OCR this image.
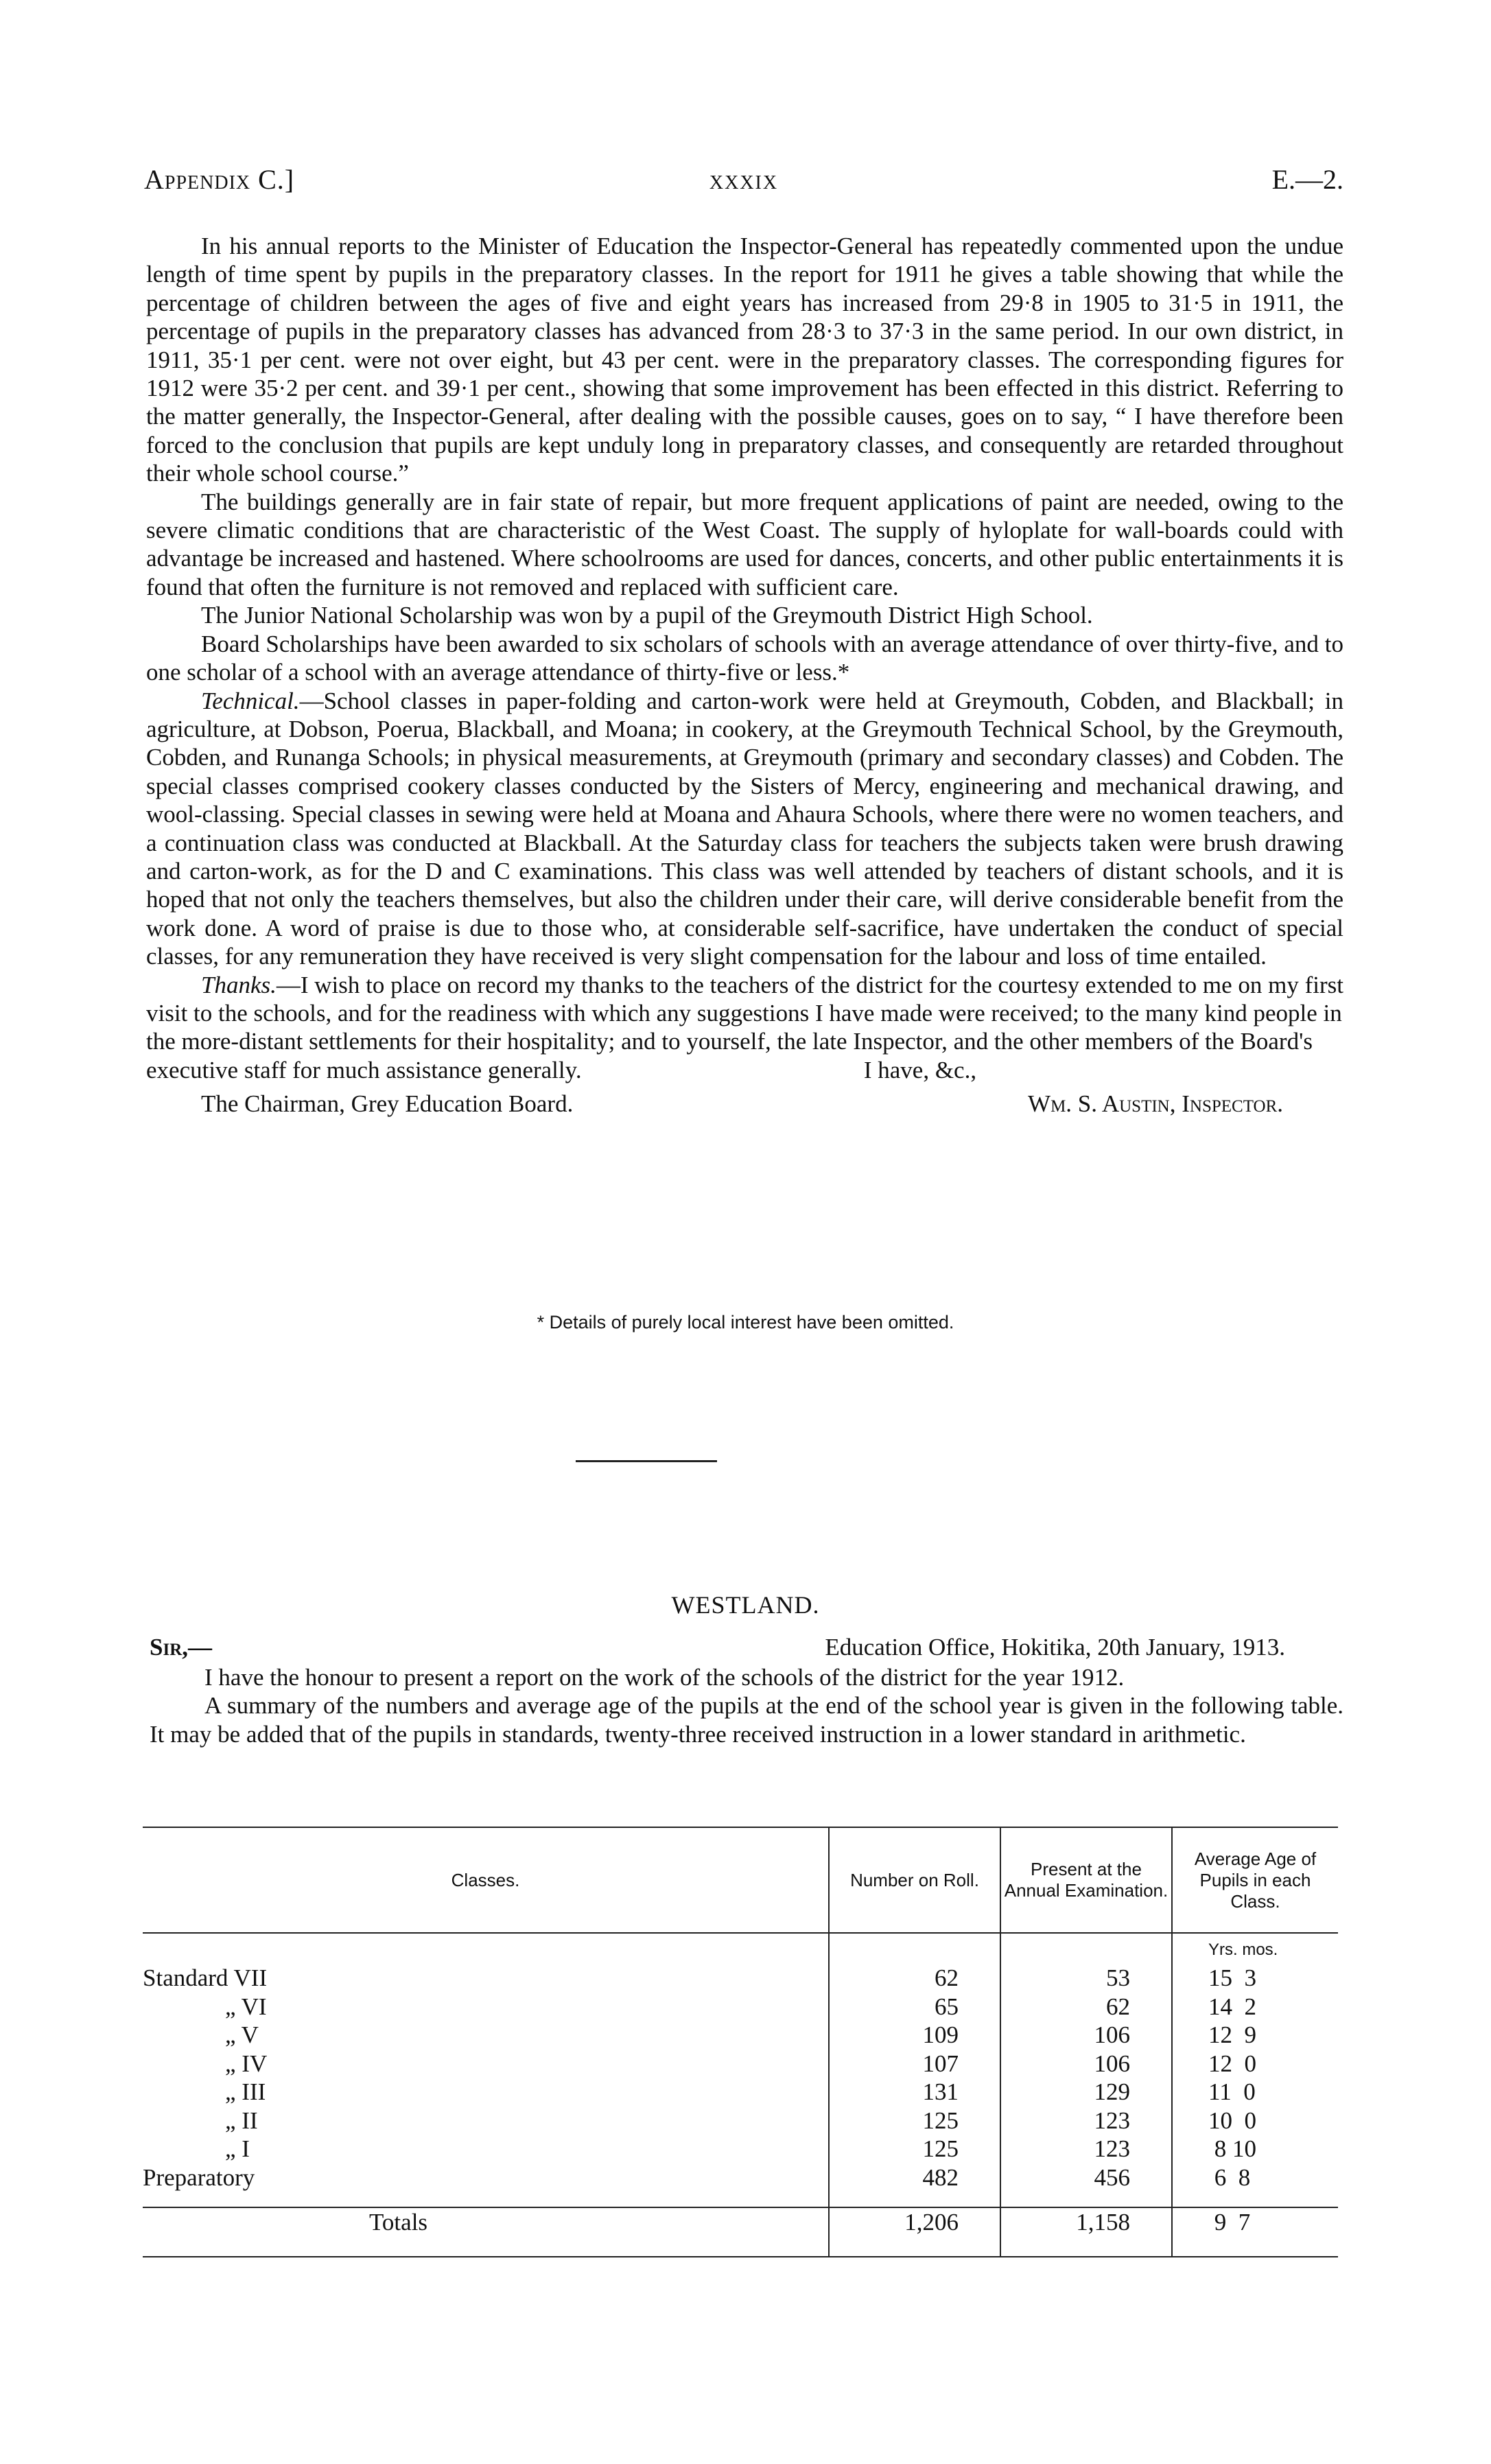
Appendix C.]	xxxix	E.—2.

In his annual reports to the Minister of Education the Inspector-General has repeatedly commented upon the undue length of time spent by pupils in the preparatory classes. In the report for 1911 he gives a table showing that while the percentage of children between the ages of five and eight years has increased from 29·8 in 1905 to 31·5 in 1911, the percentage of pupils in the preparatory classes has advanced from 28·3 to 37·3 in the same period. In our own district, in 1911, 35·1 per cent. were not over eight, but 43 per cent. were in the preparatory classes. The corresponding figures for 1912 were 35·2 per cent. and 39·1 per cent., showing that some improvement has been effected in this district. Referring to the matter generally, the Inspector-General, after dealing with the possible causes, goes on to say, “ I have therefore been forced to the conclusion that pupils are kept unduly long in preparatory classes, and consequently are retarded throughout their whole school course.”

The buildings generally are in fair state of repair, but more frequent applications of paint are needed, owing to the severe climatic conditions that are characteristic of the West Coast. The supply of hyloplate for wall-boards could with advantage be increased and hastened. Where schoolrooms are used for dances, concerts, and other public entertainments it is found that often the furniture is not removed and replaced with sufficient care.

The Junior National Scholarship was won by a pupil of the Greymouth District High School.

Board Scholarships have been awarded to six scholars of schools with an average attendance of over thirty-five, and to one scholar of a school with an average attendance of thirty-five or less.*

Technical.—School classes in paper-folding and carton-work were held at Greymouth, Cobden, and Blackball; in agriculture, at Dobson, Poerua, Blackball, and Moana; in cookery, at the Greymouth Technical School, by the Greymouth, Cobden, and Runanga Schools; in physical measurements, at Greymouth (primary and secondary classes) and Cobden. The special classes comprised cookery classes conducted by the Sisters of Mercy, engineering and mechanical drawing, and wool-classing. Special classes in sewing were held at Moana and Ahaura Schools, where there were no women teachers, and a continuation class was conducted at Blackball. At the Saturday class for teachers the subjects taken were brush drawing and carton-work, as for the D and C examinations. This class was well attended by teachers of distant schools, and it is hoped that not only the teachers themselves, but also the children under their care, will derive considerable benefit from the work done. A word of praise is due to those who, at considerable self-sacrifice, have undertaken the conduct of special classes, for any remuneration they have received is very slight compensation for the labour and loss of time entailed.

Thanks.—I wish to place on record my thanks to the teachers of the district for the courtesy extended to me on my first visit to the schools, and for the readiness with which any suggestions I have made were received; to the many kind people in the more-distant settlements for their hospitality; and to yourself, the late Inspector, and the other members of the Board's executive staff for much assistance generally.	I have, &c.,

The Chairman, Grey Education Board.	Wm. S. Austin, Inspector.
* Details of purely local interest have been omitted.
WESTLAND.
Sir,—	Education Office, Hokitika, 20th January, 1913.

I have the honour to present a report on the work of the schools of the district for the year 1912.

A summary of the numbers and average age of the pupils at the end of the school year is given in the following table. It may be added that of the pupils in standards, twenty-three received instruction in a lower standard in arithmetic.

Classes.	Number on Roll.	Present at the Annual Examination.	Average Age of Pupils in each Class.
			Yrs. mos.
Standard VII	62	53	15  3
„ VI	65	62	14  2
„ V	109	106	12  9
„ IV	107	106	12  0
„ III	131	129	11  0
„ II	125	123	10  0
„ I	125	123	8 10
Preparatory	482	456	6  8

Totals	1,206	1,158	9  7
